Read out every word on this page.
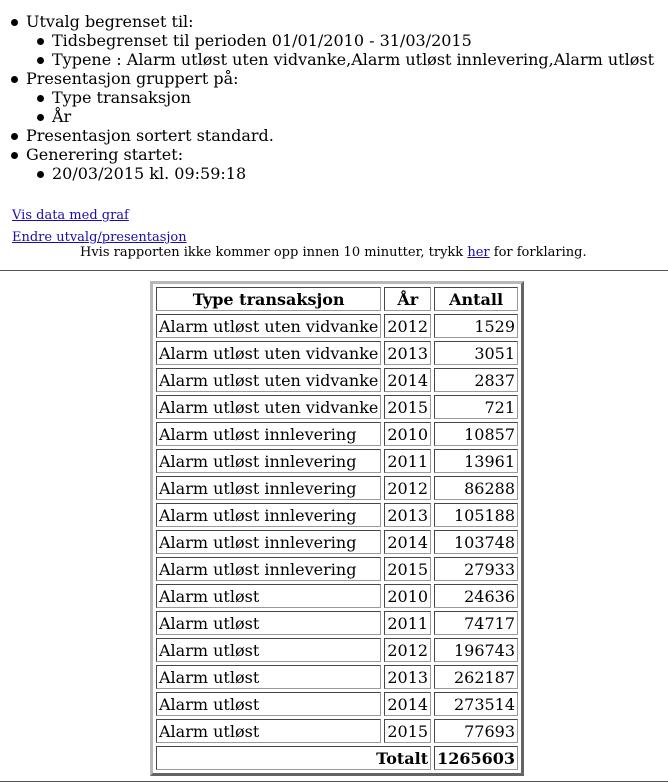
Utvalg begrenset til:
Tidsbegrenset til perioden 01/01/2010 - 31/03/2015
Typene : Alarm utløst uten vidvanke,Alarm utløst innlevering,Alarm utløst
Presentasjon gruppert på:
Type transaksjon
År
Presentasjon sortert standard.
Generering startet:
20/03/2015 kl. 09:59:18
Vis data med graf
Endre utvalg/presentasjon
Hvis rapporten ikke kommer opp innen 10 minutter, trykk her for forklaring.
Type transaksjon	År	Antall
Alarm utløst uten vidvanke	2012	1529
Alarm utløst uten vidvanke	2013	3051
Alarm utløst uten vidvanke	2014	2837
Alarm utløst uten vidvanke	2015	721
Alarm utløst innlevering	2010	10857
Alarm utløst innlevering	2011	13961
Alarm utløst innlevering	2012	86288
Alarm utløst innlevering	2013	105188
Alarm utløst innlevering	2014	103748
Alarm utløst innlevering	2015	27933
Alarm utløst	2010	24636
Alarm utløst	2011	74717
Alarm utløst	2012	196743
Alarm utløst	2013	262187
Alarm utløst	2014	273514
Alarm utløst	2015	77693
Totalt		1265603
